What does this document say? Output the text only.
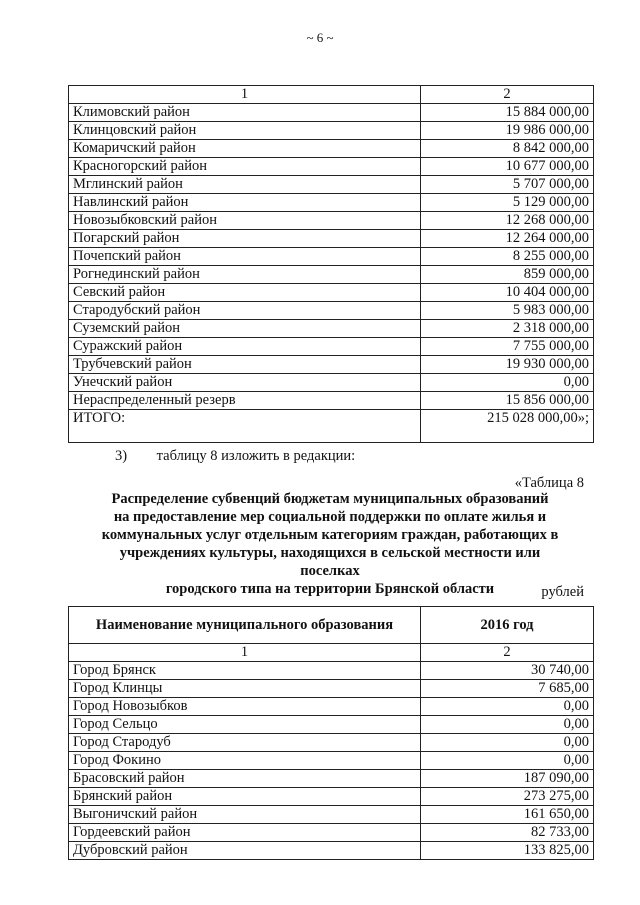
~ 6 ~
1	2
Климовский район	15 884 000,00
Клинцовский район	19 986 000,00
Комаричский район	8 842 000,00
Красногорский район	10 677 000,00
Мглинский район	5 707 000,00
Навлинский район	5 129 000,00
Новозыбковский район	12 268 000,00
Погарский район	12 264 000,00
Почепский район	8 255 000,00
Рогнединский район	859 000,00
Севский район	10 404 000,00
Стародубский район	5 983 000,00
Суземский район	2 318 000,00
Суражский район	7 755 000,00
Трубчевский район	19 930 000,00
Унечский район	0,00
Нераспределенный резерв	15 856 000,00
ИТОГО:	215 028 000,00»;
3) таблицу 8 изложить в редакции:
«Таблица 8
Распределение субвенций бюджетам муниципальных образований
на предоставление мер социальной поддержки по оплате жилья и
коммунальных услуг отдельным категориям граждан, работающих в
учреждениях культуры, находящихся в сельской местности или поселках
городского типа на территории Брянской области	рублей
Наименование муниципального образования	2016 год
1	2
Город Брянск	30 740,00
Город Клинцы	7 685,00
Город Новозыбков	0,00
Город Сельцо	0,00
Город Стародуб	0,00
Город Фокино	0,00
Брасовский район	187 090,00
Брянский район	273 275,00
Выгоничский район	161 650,00
Гордеевский район	82 733,00
Дубровский район	133 825,00
